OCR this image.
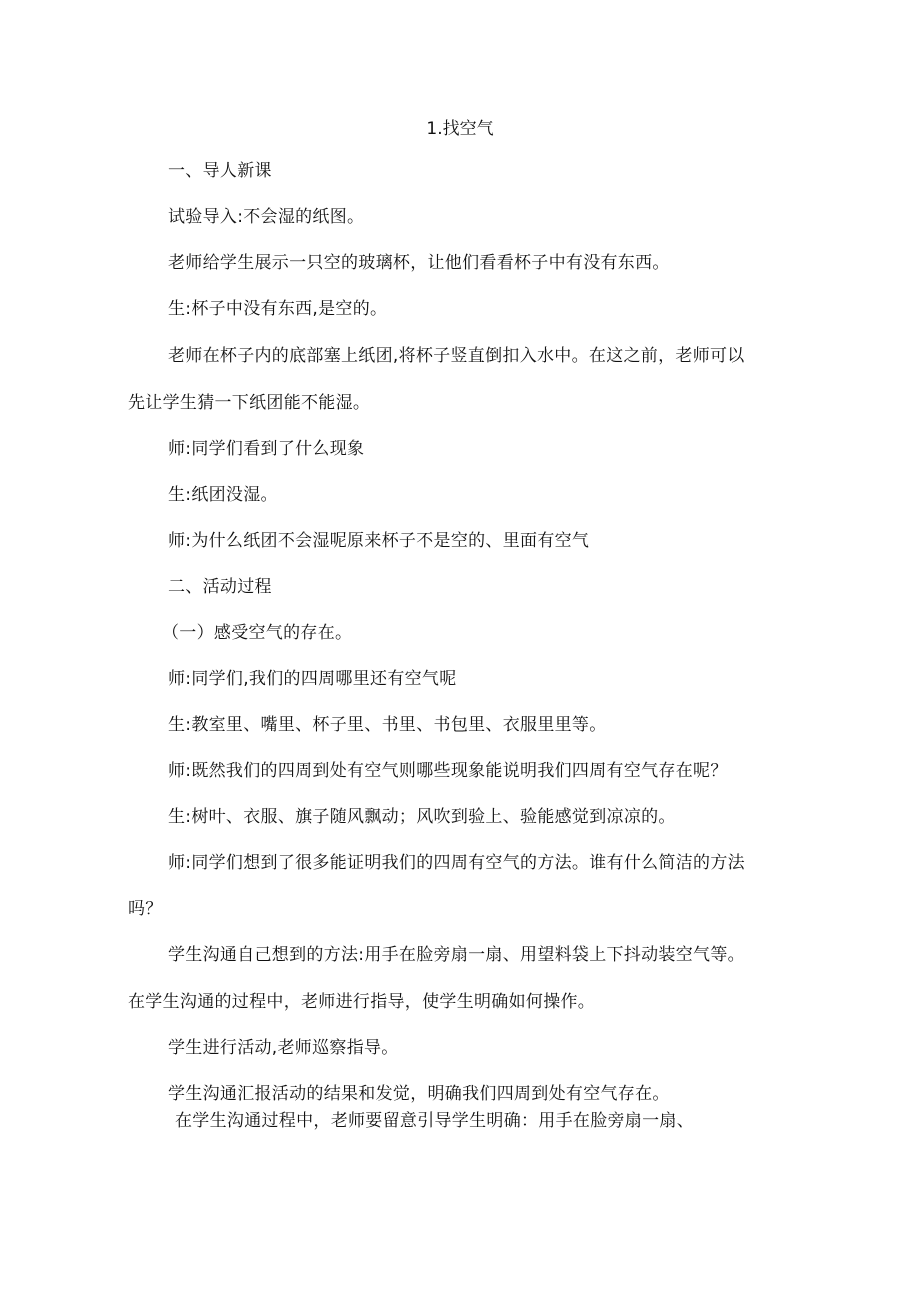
1.找空气
一、导人新课
试验导入:不会湿的纸图。
老师给学生展示一只空的玻璃杯，让他们看看杯子中有没有东西。
生:杯子中没有东西,是空的。
老师在杯子内的底部塞上纸团,将杯子竖直倒扣入水中。在这之前，老师可以
先让学生猜一下纸团能不能湿。
师:同学们看到了什么现象
生:纸团没湿。
师:为什么纸团不会湿呢原来杯子不是空的、里面有空气
二、活动过程
（一）感受空气的存在。
师:同学们,我们的四周哪里还有空气呢
生:教室里、嘴里、杯子里、书里、书包里、衣服里里等。
师:既然我们的四周到处有空气则哪些现象能说明我们四周有空气存在呢？
生:树叶、衣服、旗子随风飘动；风吹到验上、验能感觉到凉凉的。
师:同学们想到了很多能证明我们的四周有空气的方法。谁有什么简洁的方法
吗？
学生沟通自己想到的方法:用手在脸旁扇一扇、用望料袋上下抖动装空气等。
在学生沟通的过程中，老师进行指导，使学生明确如何操作。
学生进行活动,老师巡察指导。
学生沟通汇报活动的结果和发觉，明确我们四周到处有空气存在。
在学生沟通过程中，老师要留意引导学生明确：用手在脸旁扇一扇、
